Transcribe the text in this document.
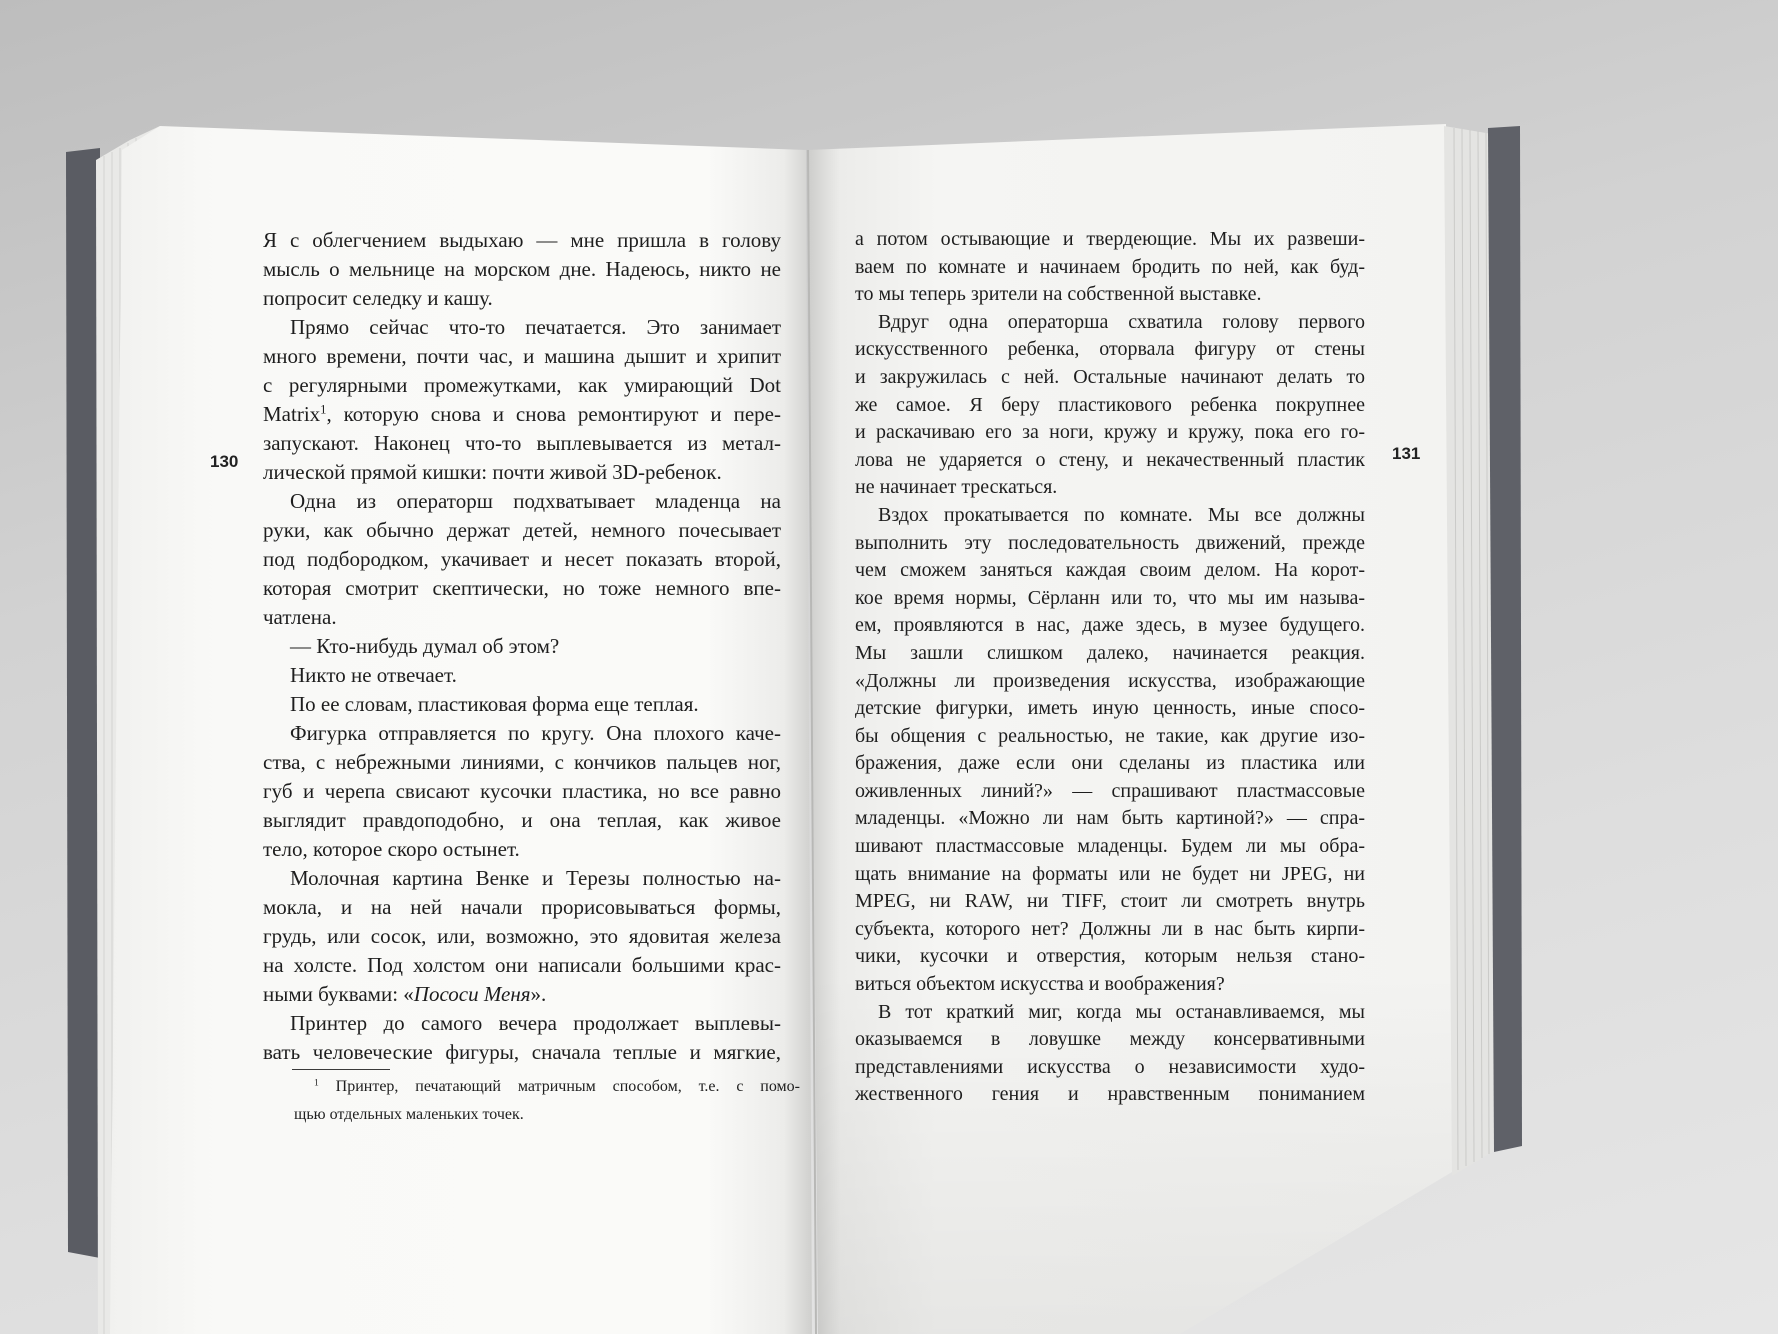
130
Я с облегчением выдыхаю — мне пришла в голову
мысль о мельнице на морском дне. Надеюсь, никто не
попросит селедку и кашу.
Прямо сейчас что-то печатается. Это занимает
много времени, почти час, и машина дышит и хрипит
с регулярными промежутками, как умирающий Dot
Matrix$^1$, которую снова и снова ремонтируют и пере-
запускают. Наконец что-то выплевывается из метал-
лической прямой кишки: почти живой 3D-ребенок.
Одна из операторш подхватывает младенца на
руки, как обычно держат детей, немного почесывает
под подбородком, укачивает и несет показать второй,
которая смотрит скептически, но тоже немного впе-
чатлена.
— Кто-нибудь думал об этом?
Никто не отвечает.
По ее словам, пластиковая форма еще теплая.
Фигурка отправляется по кругу. Она плохого каче-
ства, с небрежными линиями, с кончиков пальцев ног,
губ и черепа свисают кусочки пластика, но все равно
выглядит правдоподобно, и она теплая, как живое
тело, которое скоро остынет.
Молочная картина Венке и Терезы полностью на-
мокла, и на ней начали прорисовываться формы,
грудь, или сосок, или, возможно, это ядовитая железа
на холсте. Под холстом они написали большими крас-
ными буквами: «Пососи Меня».
Принтер до самого вечера продолжает выплевы-
вать человеческие фигуры, сначала теплые и мягкие,
$^1$ Принтер, печатающий матричным способом, т.е. с помо-
щью отдельных маленьких точек.
131
а потом остывающие и твердеющие. Мы их развеши-
ваем по комнате и начинаем бродить по ней, как буд-
то мы теперь зрители на собственной выставке.
Вдруг одна операторша схватила голову первого
искусственного ребенка, оторвала фигуру от стены
и закружилась с ней. Остальные начинают делать то
же самое. Я беру пластикового ребенка покрупнее
и раскачиваю его за ноги, кружу и кружу, пока его го-
лова не ударяется о стену, и некачественный пластик
не начинает трескаться.
Вздох прокатывается по комнате. Мы все должны
выполнить эту последовательность движений, прежде
чем сможем заняться каждая своим делом. На корот-
кое время нормы, Сёрланн или то, что мы им называ-
ем, проявляются в нас, даже здесь, в музее будущего.
Мы зашли слишком далеко, начинается реакция.
«Должны ли произведения искусства, изображающие
детские фигурки, иметь иную ценность, иные спосо-
бы общения с реальностью, не такие, как другие изо-
бражения, даже если они сделаны из пластика или
оживленных линий?» — спрашивают пластмассовые
младенцы. «Можно ли нам быть картиной?» — спра-
шивают пластмассовые младенцы. Будем ли мы обра-
щать внимание на форматы или не будет ни JPEG, ни
MPEG, ни RAW, ни TIFF, стоит ли смотреть внутрь
субъекта, которого нет? Должны ли в нас быть кирпи-
чики, кусочки и отверстия, которым нельзя стано-
виться объектом искусства и воображения?
В тот краткий миг, когда мы останавливаемся, мы
оказываемся в ловушке между консервативными
представлениями искусства о независимости худо-
жественного гения и нравственным пониманием
